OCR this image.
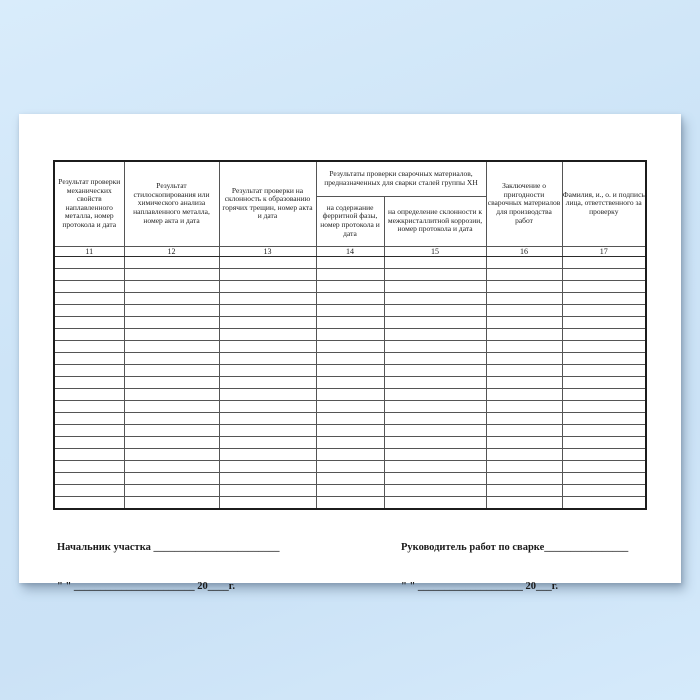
Результат проверки механических свойств наплавленного металла, номер протокола и дата	Результат стилоскопирования или химического анализа наплавленного металла, номер акта и дата	Результат проверки на склонность к образованию горячих трещин, номер акта и дата	Результаты проверки сварочных материалов, предназначенных для сварки сталей группы ХН		Заключение о пригодности сварочных материалов для производства работ	Фамилия, и., о. и подпись лица, ответственного за проверку
			на содержание ферритной фазы, номер протокола и дата	на определение склонности к межкристаллитной коррозии, номер протокола и дата		
11	12	13	14	15	16	17

Начальник участка ________________________

" " _______________________ 20____г.

Руководитель работ по сварке________________

" " ____________________ 20___г.
